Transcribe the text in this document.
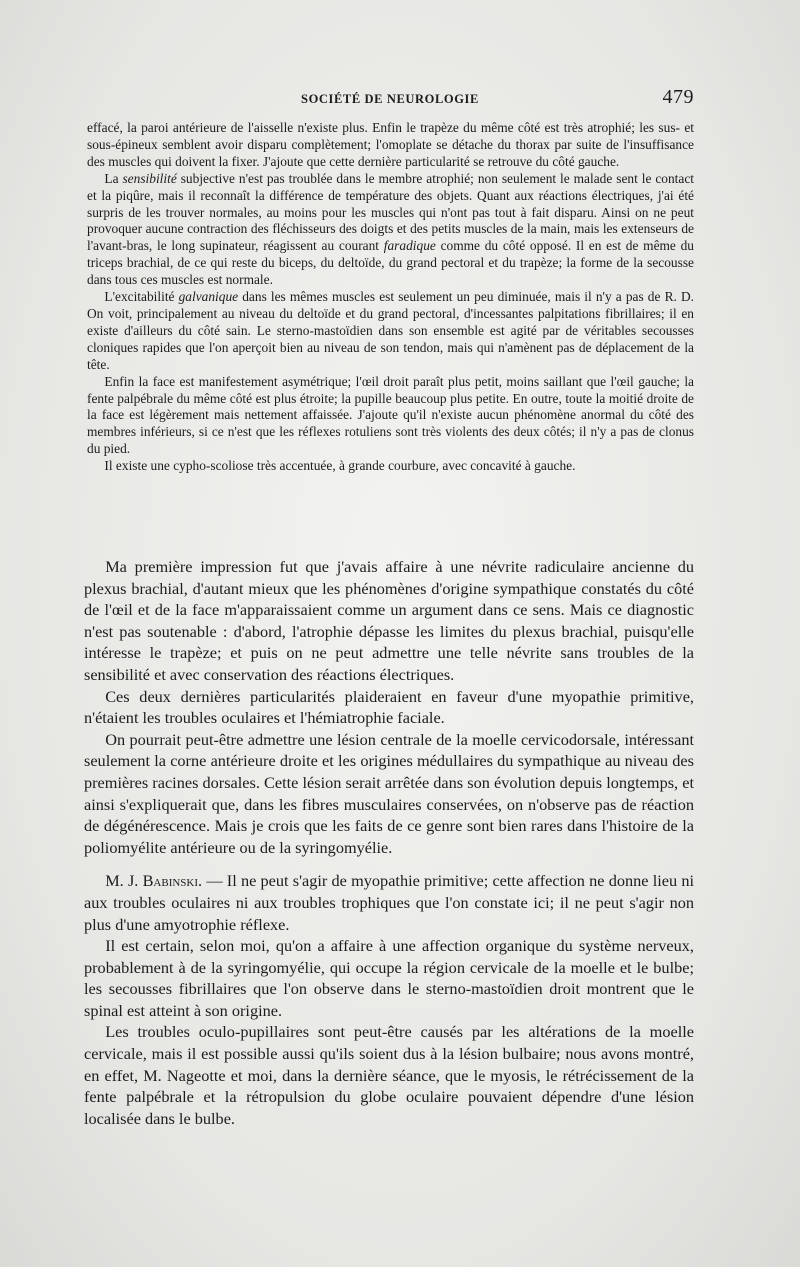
SOCIÉTÉ DE NEUROLOGIE	479

effacé, la paroi antérieure de l'aisselle n'existe plus. Enfin le trapèze du même côté est très atrophié; les sus- et sous-épineux semblent avoir disparu complètement; l'omoplate se détache du thorax par suite de l'insuffisance des muscles qui doivent la fixer. J'ajoute que cette dernière particularité se retrouve du côté gauche.

La sensibilité subjective n'est pas troublée dans le membre atrophié; non seulement le malade sent le contact et la piqûre, mais il reconnaît la différence de température des objets. Quant aux réactions électriques, j'ai été surpris de les trouver normales, au moins pour les muscles qui n'ont pas tout à fait disparu. Ainsi on ne peut provoquer aucune contraction des fléchisseurs des doigts et des petits muscles de la main, mais les extenseurs de l'avant-bras, le long supinateur, réagissent au courant faradique comme du côté opposé. Il en est de même du triceps brachial, de ce qui reste du biceps, du deltoïde, du grand pectoral et du trapèze; la forme de la secousse dans tous ces muscles est normale.

L'excitabilité galvanique dans les mêmes muscles est seulement un peu diminuée, mais il n'y a pas de R. D. On voit, principalement au niveau du deltoïde et du grand pectoral, d'incessantes palpitations fibrillaires; il en existe d'ailleurs du côté sain. Le sterno-mastoïdien dans son ensemble est agité par de véritables secousses cloniques rapides que l'on aperçoit bien au niveau de son tendon, mais qui n'amènent pas de déplacement de la tête.

Enfin la face est manifestement asymétrique; l'œil droit paraît plus petit, moins saillant que l'œil gauche; la fente palpébrale du même côté est plus étroite; la pupille beaucoup plus petite. En outre, toute la moitié droite de la face est légèrement mais nettement affaissée. J'ajoute qu'il n'existe aucun phénomène anormal du côté des membres inférieurs, si ce n'est que les réflexes rotuliens sont très violents des deux côtés; il n'y a pas de clonus du pied.

Il existe une cypho-scoliose très accentuée, à grande courbure, avec concavité à gauche.

Ma première impression fut que j'avais affaire à une névrite radiculaire ancienne du plexus brachial, d'autant mieux que les phénomènes d'origine sympathique constatés du côté de l'œil et de la face m'apparaissaient comme un argument dans ce sens. Mais ce diagnostic n'est pas soutenable : d'abord, l'atrophie dépasse les limites du plexus brachial, puisqu'elle intéresse le trapèze; et puis on ne peut admettre une telle névrite sans troubles de la sensibilité et avec conservation des réactions électriques.

Ces deux dernières particularités plaideraient en faveur d'une myopathie primitive, n'étaient les troubles oculaires et l'hémiatrophie faciale.

On pourrait peut-être admettre une lésion centrale de la moelle cervicodorsale, intéressant seulement la corne antérieure droite et les origines médullaires du sympathique au niveau des premières racines dorsales. Cette lésion serait arrêtée dans son évolution depuis longtemps, et ainsi s'expliquerait que, dans les fibres musculaires conservées, on n'observe pas de réaction de dégénérescence. Mais je crois que les faits de ce genre sont bien rares dans l'histoire de la poliomyélite antérieure ou de la syringomyélie.

M. J. Babinski. — Il ne peut s'agir de myopathie primitive; cette affection ne donne lieu ni aux troubles oculaires ni aux troubles trophiques que l'on constate ici; il ne peut s'agir non plus d'une amyotrophie réflexe.

Il est certain, selon moi, qu'on a affaire à une affection organique du système nerveux, probablement à de la syringomyélie, qui occupe la région cervicale de la moelle et le bulbe; les secousses fibrillaires que l'on observe dans le sterno-mastoïdien droit montrent que le spinal est atteint à son origine.

Les troubles oculo-pupillaires sont peut-être causés par les altérations de la moelle cervicale, mais il est possible aussi qu'ils soient dus à la lésion bulbaire; nous avons montré, en effet, M. Nageotte et moi, dans la dernière séance, que le myosis, le rétrécissement de la fente palpébrale et la rétropulsion du globe oculaire pouvaient dépendre d'une lésion localisée dans le bulbe.
